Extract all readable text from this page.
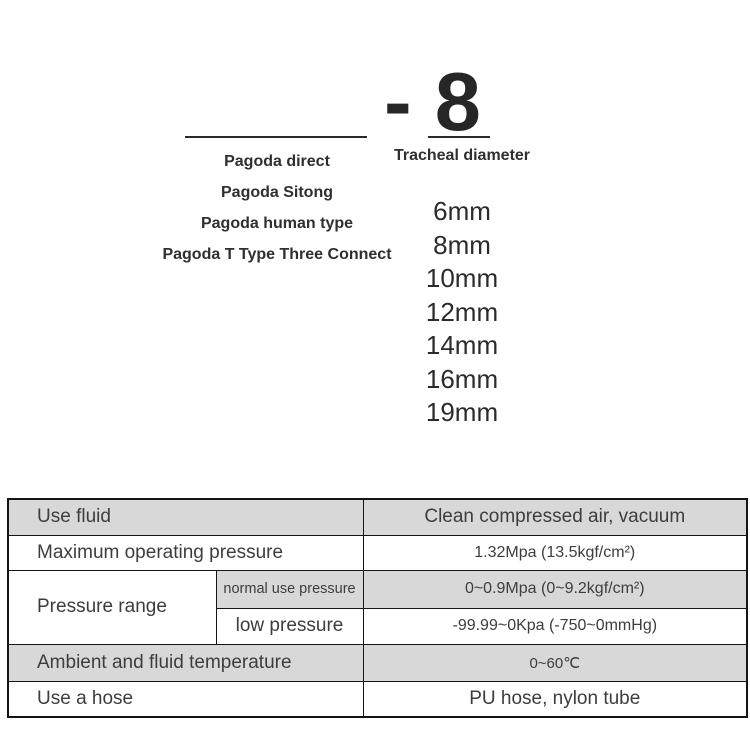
- 8
Pagoda direct
Pagoda Sitong
Pagoda human type
Pagoda T Type Three Connect
Tracheal diameter
6mm
8mm
10mm
12mm
14mm
16mm
19mm
Use fluid		Clean compressed air, vacuum
Maximum operating pressure		1.32Mpa (13.5kgf/cm²)
Pressure range	normal use pressure	0~0.9Mpa (0~9.2kgf/cm²)
	low pressure	-99.99~0Kpa (-750~0mmHg)
Ambient and fluid temperature		0~60℃
Use a hose		PU hose, nylon tube
